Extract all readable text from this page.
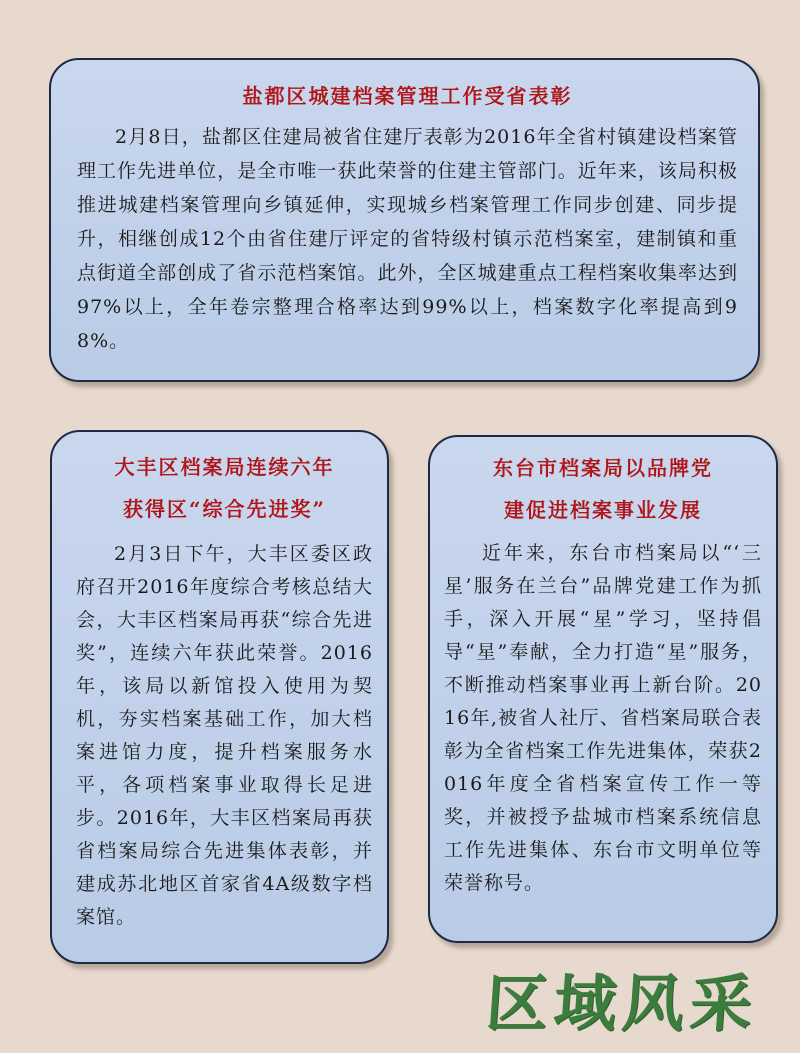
盐都区城建档案管理工作受省表彰

2月8日，盐都区住建局被省住建厅表彰为2016年全省村镇建设档案管理工作先进单位，是全市唯一获此荣誉的住建主管部门。近年来，该局积极推进城建档案管理向乡镇延伸，实现城乡档案管理工作同步创建、同步提升，相继创成12个由省住建厅评定的省特级村镇示范档案室，建制镇和重点街道全部创成了省示范档案馆。此外，全区城建重点工程档案收集率达到97%以上，全年卷宗整理合格率达到99%以上，档案数字化率提高到98%。

大丰区档案局连续六年
获得区“综合先进奖”

2月3日下午，大丰区委区政府召开2016年度综合考核总结大会，大丰区档案局再获“综合先进奖”，连续六年获此荣誉。2016年，该局以新馆投入使用为契机，夯实档案基础工作，加大档案进馆力度，提升档案服务水平，各项档案事业取得长足进步。2016年，大丰区档案局再获省档案局综合先进集体表彰，并建成苏北地区首家省4A级数字档案馆。

东台市档案局以品牌党
建促进档案事业发展

近年来，东台市档案局以“‘三星’服务在兰台”品牌党建工作为抓手，深入开展“星”学习，坚持倡导“星”奉献，全力打造“星”服务，不断推动档案事业再上新台阶。2016年,被省人社厅、省档案局联合表彰为全省档案工作先进集体，荣获2016年度全省档案宣传工作一等奖，并被授予盐城市档案系统信息工作先进集体、东台市文明单位等荣誉称号。

区域风采
